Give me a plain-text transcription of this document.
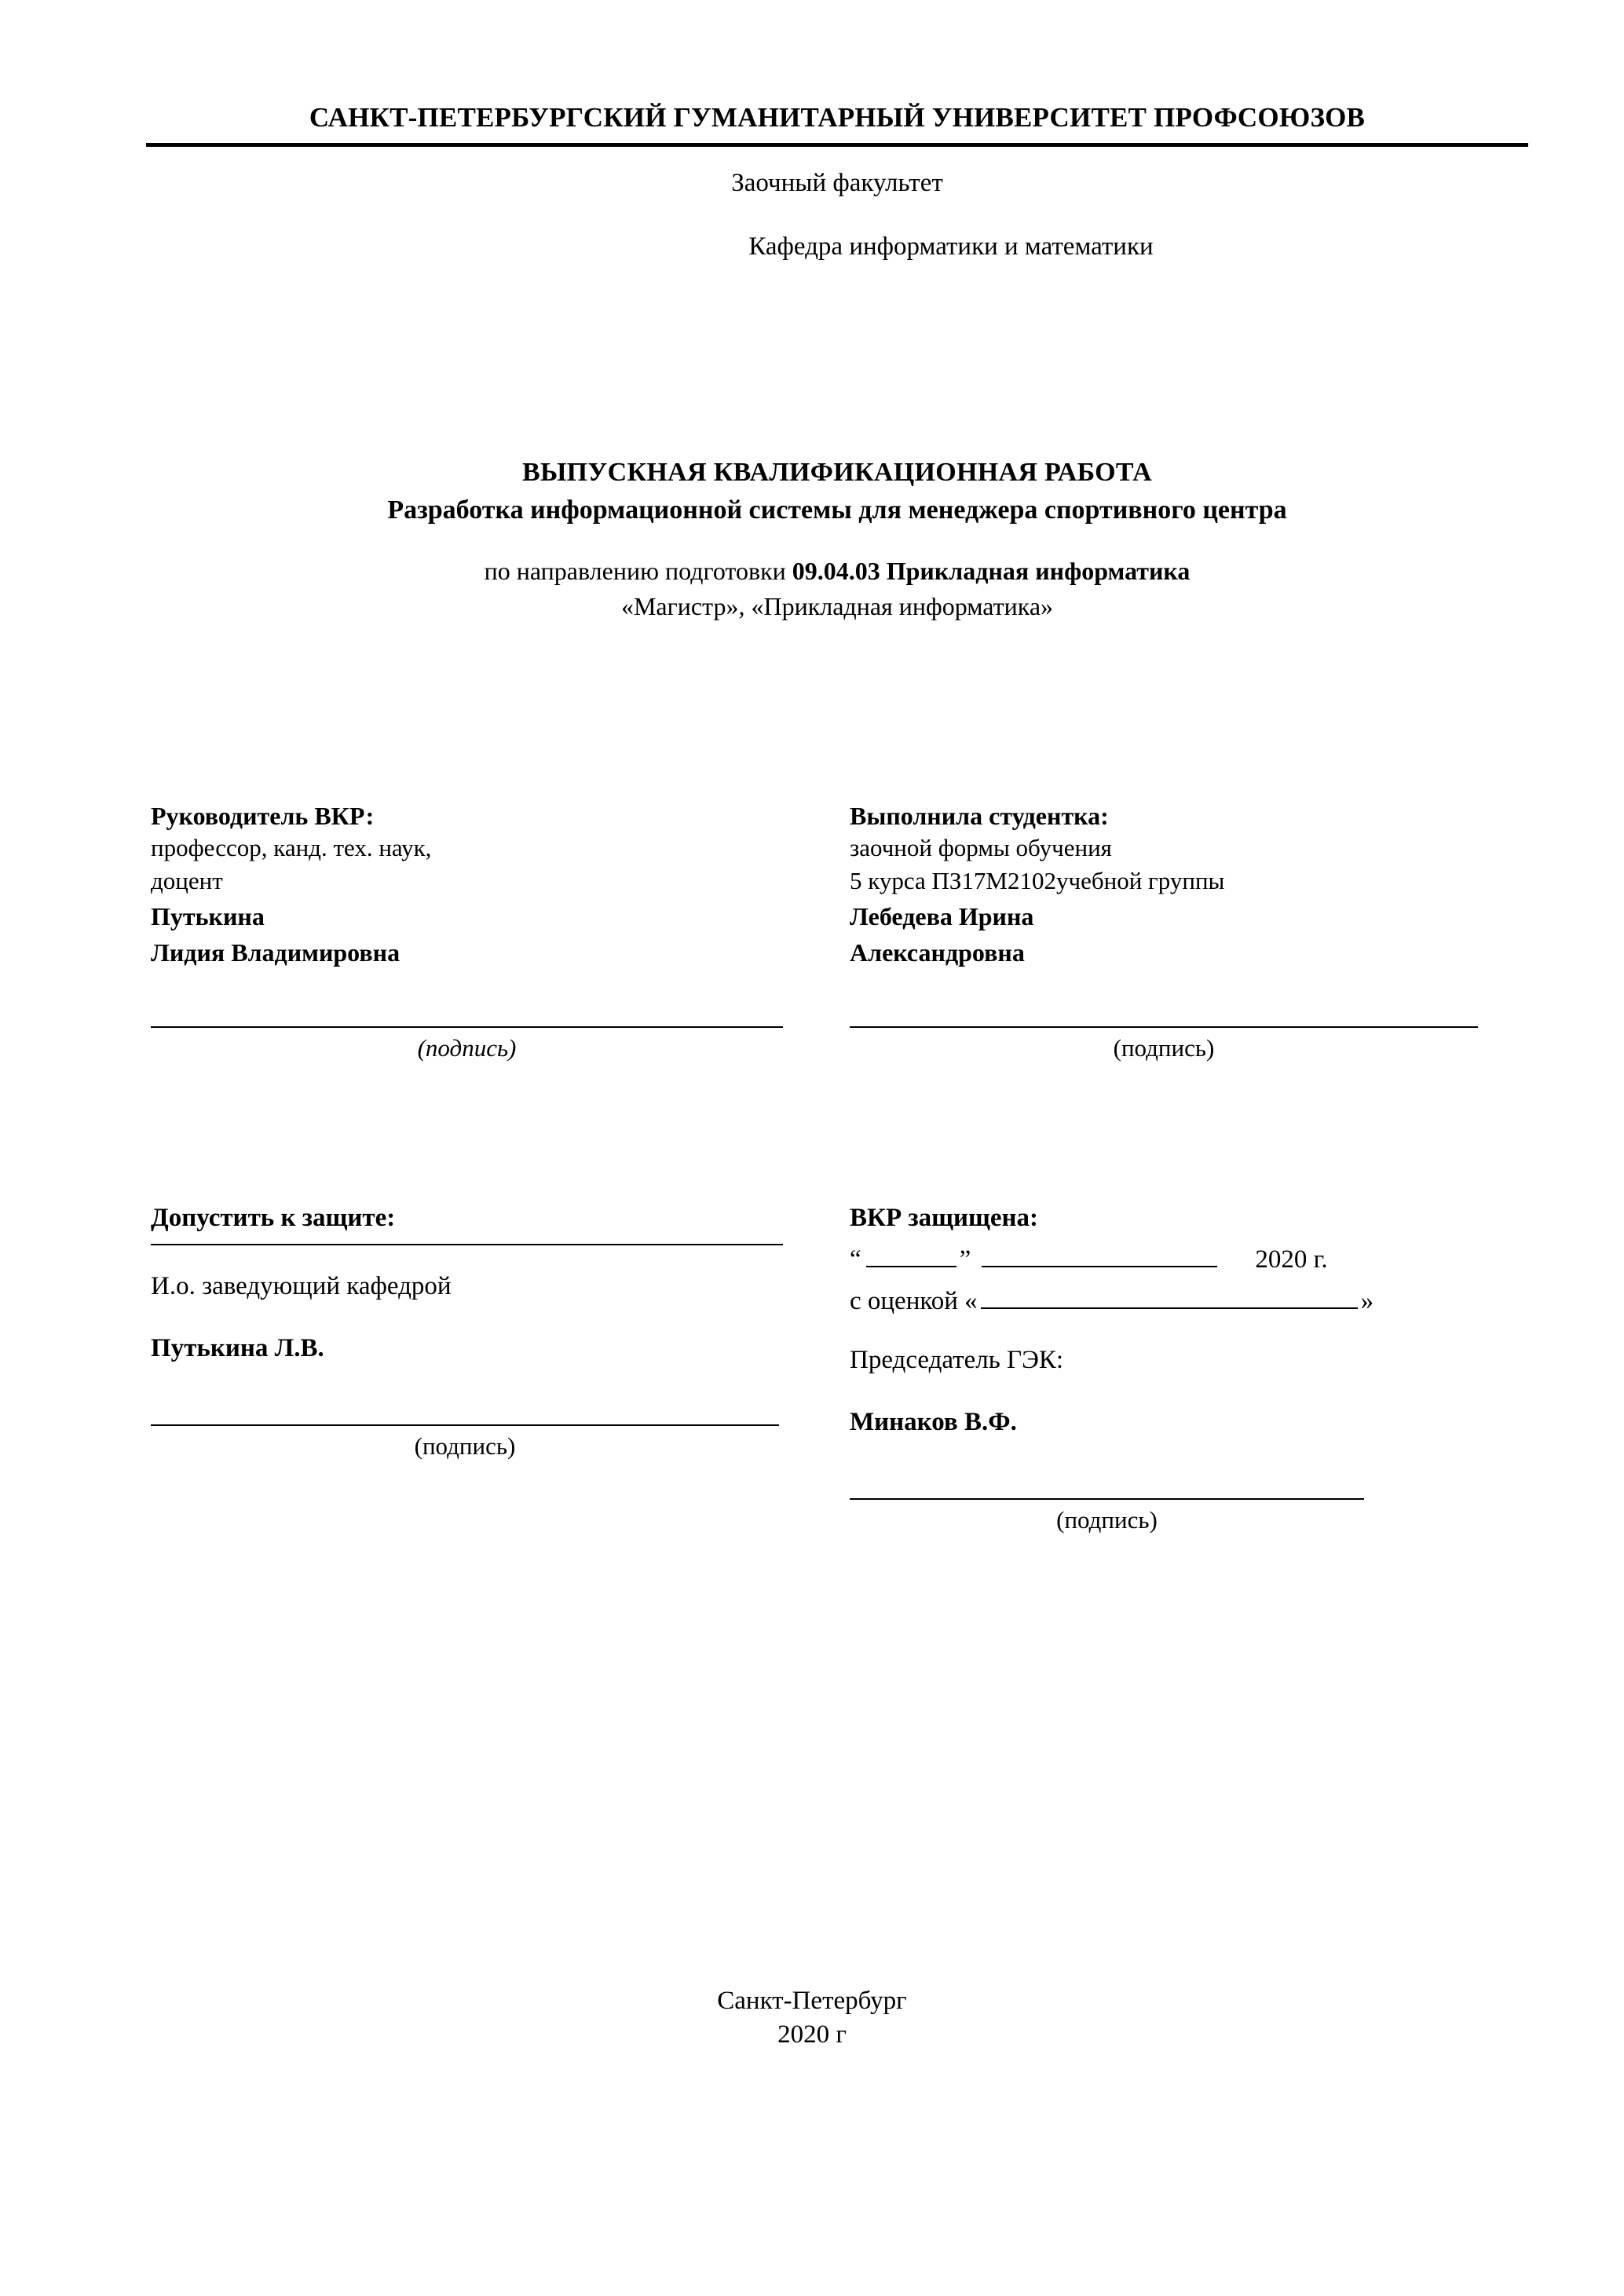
САНКТ-ПЕТЕРБУРГСКИЙ ГУМАНИТАРНЫЙ УНИВЕРСИТЕТ ПРОФСОЮЗОВ
Заочный факультет
Кафедра информатики и математики
ВЫПУСКНАЯ КВАЛИФИКАЦИОННАЯ РАБОТА
Разработка информационной системы для менеджера спортивного центра
по направлению подготовки 09.04.03 Прикладная информатика
«Магистр», «Прикладная информатика»
Руководитель ВКР:
профессор, канд. тех. наук,
доцент
Путькина
Лидия Владимировна
(подпись)
Выполнила студентка:
заочной формы обучения
5 курса ПЗ17М2102учебной группы
Лебедева Ирина
Александровна
(подпись)
Допустить к защите:
И.о. заведующий кафедрой
Путькина Л.В.
(подпись)
ВКР защищена:
“	”	2020 г.
с оценкой «	»
Председатель ГЭК:
Минаков В.Ф.
(подпись)
Санкт-Петербург
2020 г
